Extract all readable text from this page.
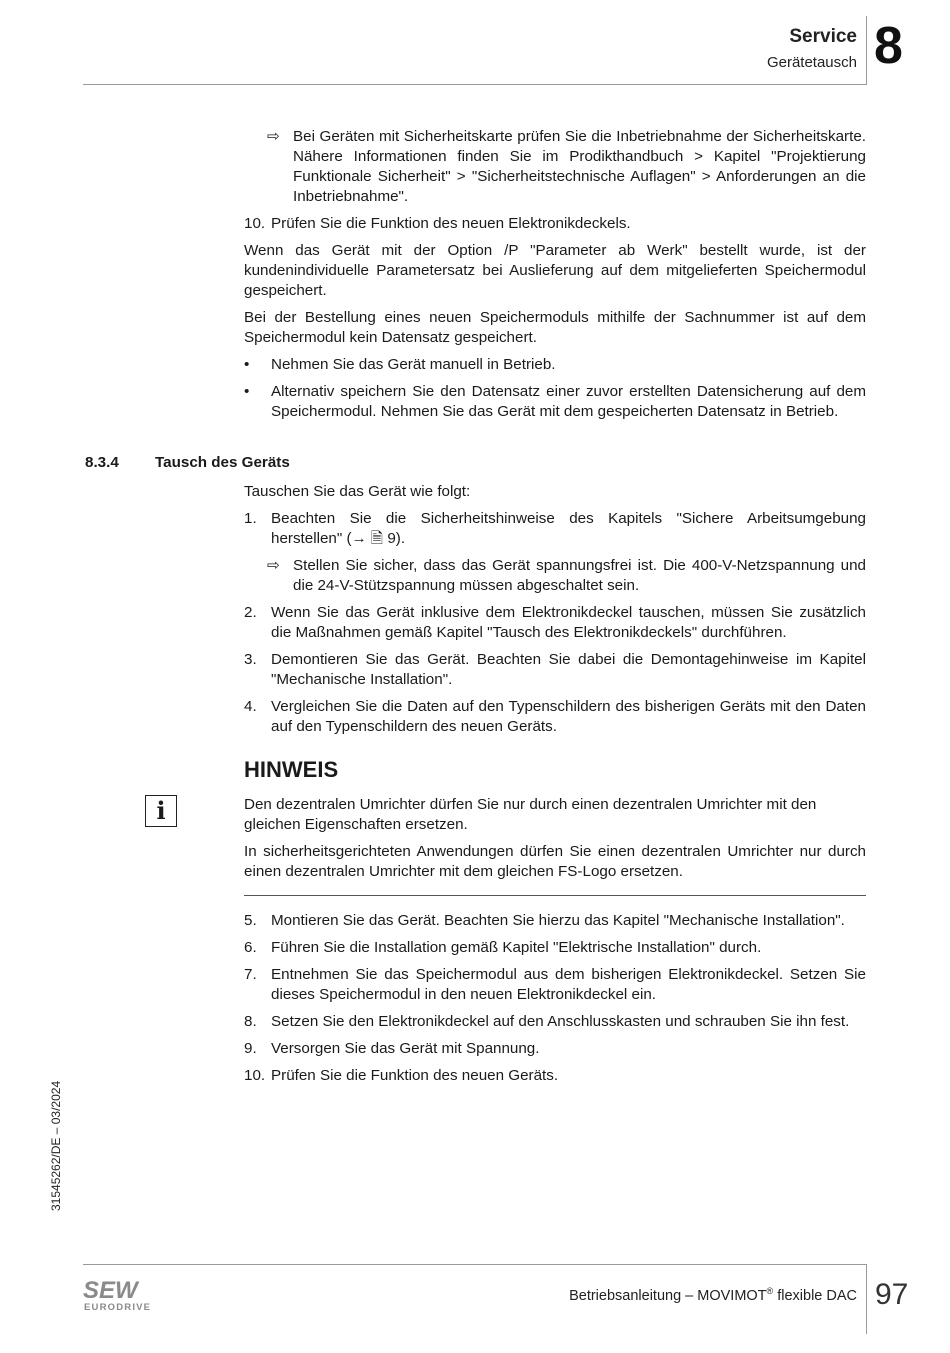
Service
Gerätetausch 8
⇨ Bei Geräten mit Sicherheitskarte prüfen Sie die Inbetriebnahme der Sicherheitskarte. Nähere Informationen finden Sie im Prodikthandbuch > Kapitel "Projektierung Funktionale Sicherheit" > "Sicherheitstechnische Auflagen" > Anforderungen an die Inbetriebnahme".
10. Prüfen Sie die Funktion des neuen Elektronikdeckels.

Wenn das Gerät mit der Option /P "Parameter ab Werk" bestellt wurde, ist der kundenindividuelle Parametersatz bei Auslieferung auf dem mitgelieferten Speichermodul gespeichert.

Bei der Bestellung eines neuen Speichermoduls mithilfe der Sachnummer ist auf dem Speichermodul kein Datensatz gespeichert.

• Nehmen Sie das Gerät manuell in Betrieb.
• Alternativ speichern Sie den Datensatz einer zuvor erstellten Datensicherung auf dem Speichermodul. Nehmen Sie das Gerät mit dem gespeicherten Datensatz in Betrieb.
8.3.4 Tausch des Geräts

Tauschen Sie das Gerät wie folgt:

1. Beachten Sie die Sicherheitshinweise des Kapitels "Sichere Arbeitsumgebung herstellen" (→ 🗎 9).
⇨ Stellen Sie sicher, dass das Gerät spannungsfrei ist. Die 400-V-Netzspannung und die 24-V-Stützspannung müssen abgeschaltet sein.
2. Wenn Sie das Gerät inklusive dem Elektronikdeckel tauschen, müssen Sie zusätzlich die Maßnahmen gemäß Kapitel "Tausch des Elektronikdeckels" durchführen.
3. Demontieren Sie das Gerät. Beachten Sie dabei die Demontagehinweise im Kapitel "Mechanische Installation".
4. Vergleichen Sie die Daten auf den Typenschildern des bisherigen Geräts mit den Daten auf den Typenschildern des neuen Geräts.
HINWEIS
i	Den dezentralen Umrichter dürfen Sie nur durch einen dezentralen Umrichter mit den gleichen Eigenschaften ersetzen.

In sicherheitsgerichteten Anwendungen dürfen Sie einen dezentralen Umrichter nur durch einen dezentralen Umrichter mit dem gleichen FS-Logo ersetzen.

5. Montieren Sie das Gerät. Beachten Sie hierzu das Kapitel "Mechanische Installation".
6. Führen Sie die Installation gemäß Kapitel "Elektrische Installation" durch.
7. Entnehmen Sie das Speichermodul aus dem bisherigen Elektronikdeckel. Setzen Sie dieses Speichermodul in den neuen Elektronikdeckel ein.
8. Setzen Sie den Elektronikdeckel auf den Anschlusskasten und schrauben Sie ihn fest.
9. Versorgen Sie das Gerät mit Spannung.
10. Prüfen Sie die Funktion des neuen Geräts.
31545262/DE – 03/2024
SEW
EURODRIVE
Betriebsanleitung – MOVIMOT® flexible DAC 97
